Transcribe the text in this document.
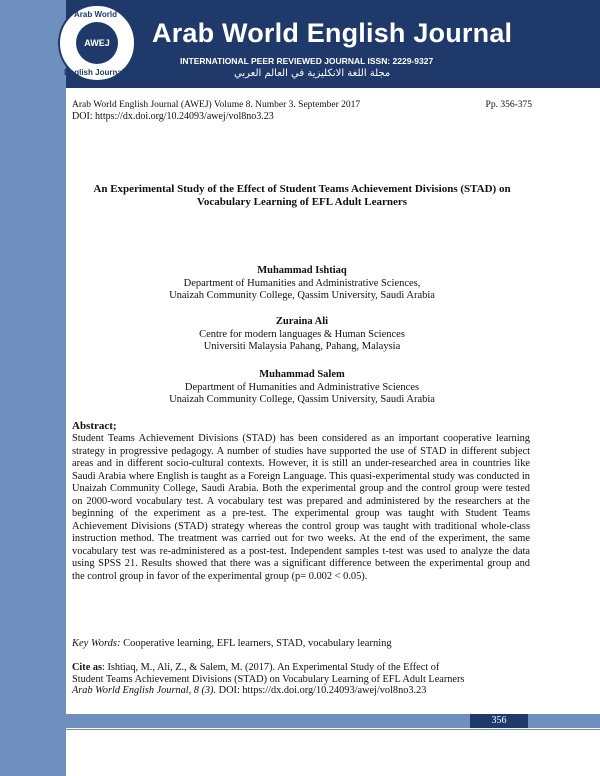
Arab World
AWEJ
English Journal
Arab World English Journal
INTERNATIONAL PEER REVIEWED JOURNAL ISSN: 2229-9327
مجلة اللغة الانكليزية في العالم العربي
Arab World English Journal (AWEJ) Volume 8. Number 3. September 2017	Pp. 356-375
DOI: https://dx.doi.org/10.24093/awej/vol8no3.23
An Experimental Study of the Effect of Student Teams Achievement Divisions (STAD) on
Vocabulary Learning of EFL Adult Learners
Muhammad Ishtiaq
Department of Humanities and Administrative Sciences,
Unaizah Community College, Qassim University, Saudi Arabia
Zuraina Ali
Centre for modern languages & Human Sciences
Universiti Malaysia Pahang, Pahang, Malaysia
Muhammad Salem
Department of Humanities and Administrative Sciences
Unaizah Community College, Qassim University, Saudi Arabia
Abstract;
Student Teams Achievement Divisions (STAD) has been considered as an important cooperative learning strategy in progressive pedagogy. A number of studies have supported the use of STAD in different subject areas and in different socio-cultural contexts. However, it is still an under-researched area in countries like Saudi Arabia where English is taught as a Foreign Language. This quasi-experimental study was conducted in Unaizah Community College, Saudi Arabia. Both the experimental group and the control group were tested on 2000-word vocabulary test. A vocabulary test was prepared and administered by the researchers at the beginning of the experiment as a pre-test. The experimental group was taught with Student Teams Achievement Divisions (STAD) strategy whereas the control group was taught with traditional whole-class instruction method. The treatment was carried out for two weeks. At the end of the experiment, the same vocabulary test was re-administered as a post-test. Independent samples t-test was used to analyze the data using SPSS 21. Results showed that there was a significant difference between the experimental group and the control group in favor of the experimental group (p= 0.002 < 0.05).
Key Words: Cooperative learning, EFL learners, STAD, vocabulary learning
Cite as: Ishtiaq, M., Ali, Z., & Salem, M. (2017). An Experimental Study of the Effect of
Student Teams Achievement Divisions (STAD) on Vocabulary Learning of EFL Adult Learners
Arab World English Journal, 8 (3). DOI: https://dx.doi.org/10.24093/awej/vol8no3.23
356
